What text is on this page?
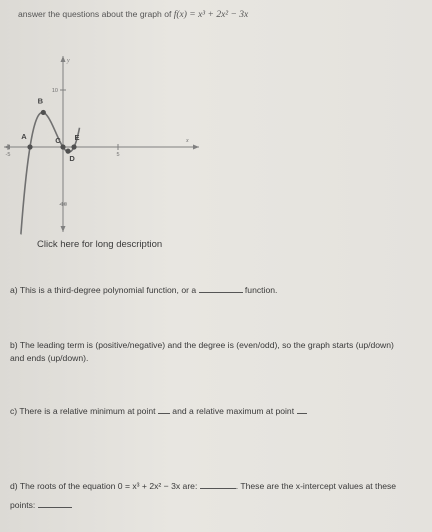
answer the questions about the graph of f(x) = x³ + 2x² − 3x
10
-10
-5	5
y
x
A
B
C
D
E
Click here for long description
a) This is a third-degree polynomial function, or a	function.
b) The leading term is (positive/negative) and the degree is (even/odd), so the graph starts (up/down)
and ends (up/down).
c) There is a relative minimum at point and a relative maximum at point
d) The roots of the equation 0 = x³ + 2x² − 3x are:	. These are the x-intercept values at these
points:
